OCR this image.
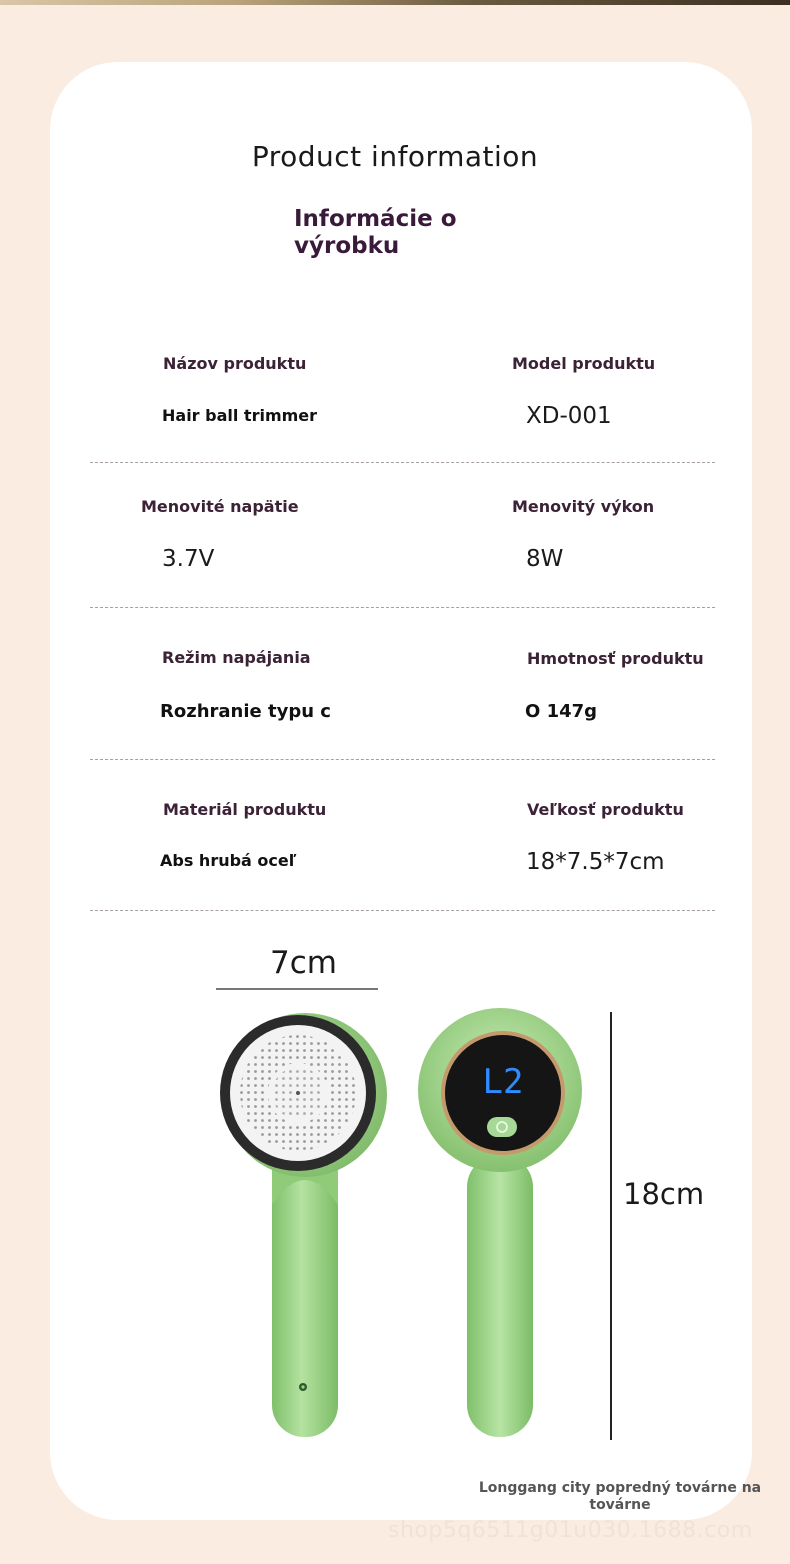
Product information
Informácie o výrobku
Názov produktu
Hair ball trimmer
Model produktu
XD-001
Menovité napätie
3.7V
Menovitý výkon
8W
Režim napájania
Rozhranie typu c
Hmotnosť produktu
O 147g
Materiál produktu
Abs hrubá oceľ
Veľkosť produktu
18*7.5*7cm
7cm
18cm
L2
Longgang city popredný továrne na továrne
shop5q6511g01u030.1688.com
